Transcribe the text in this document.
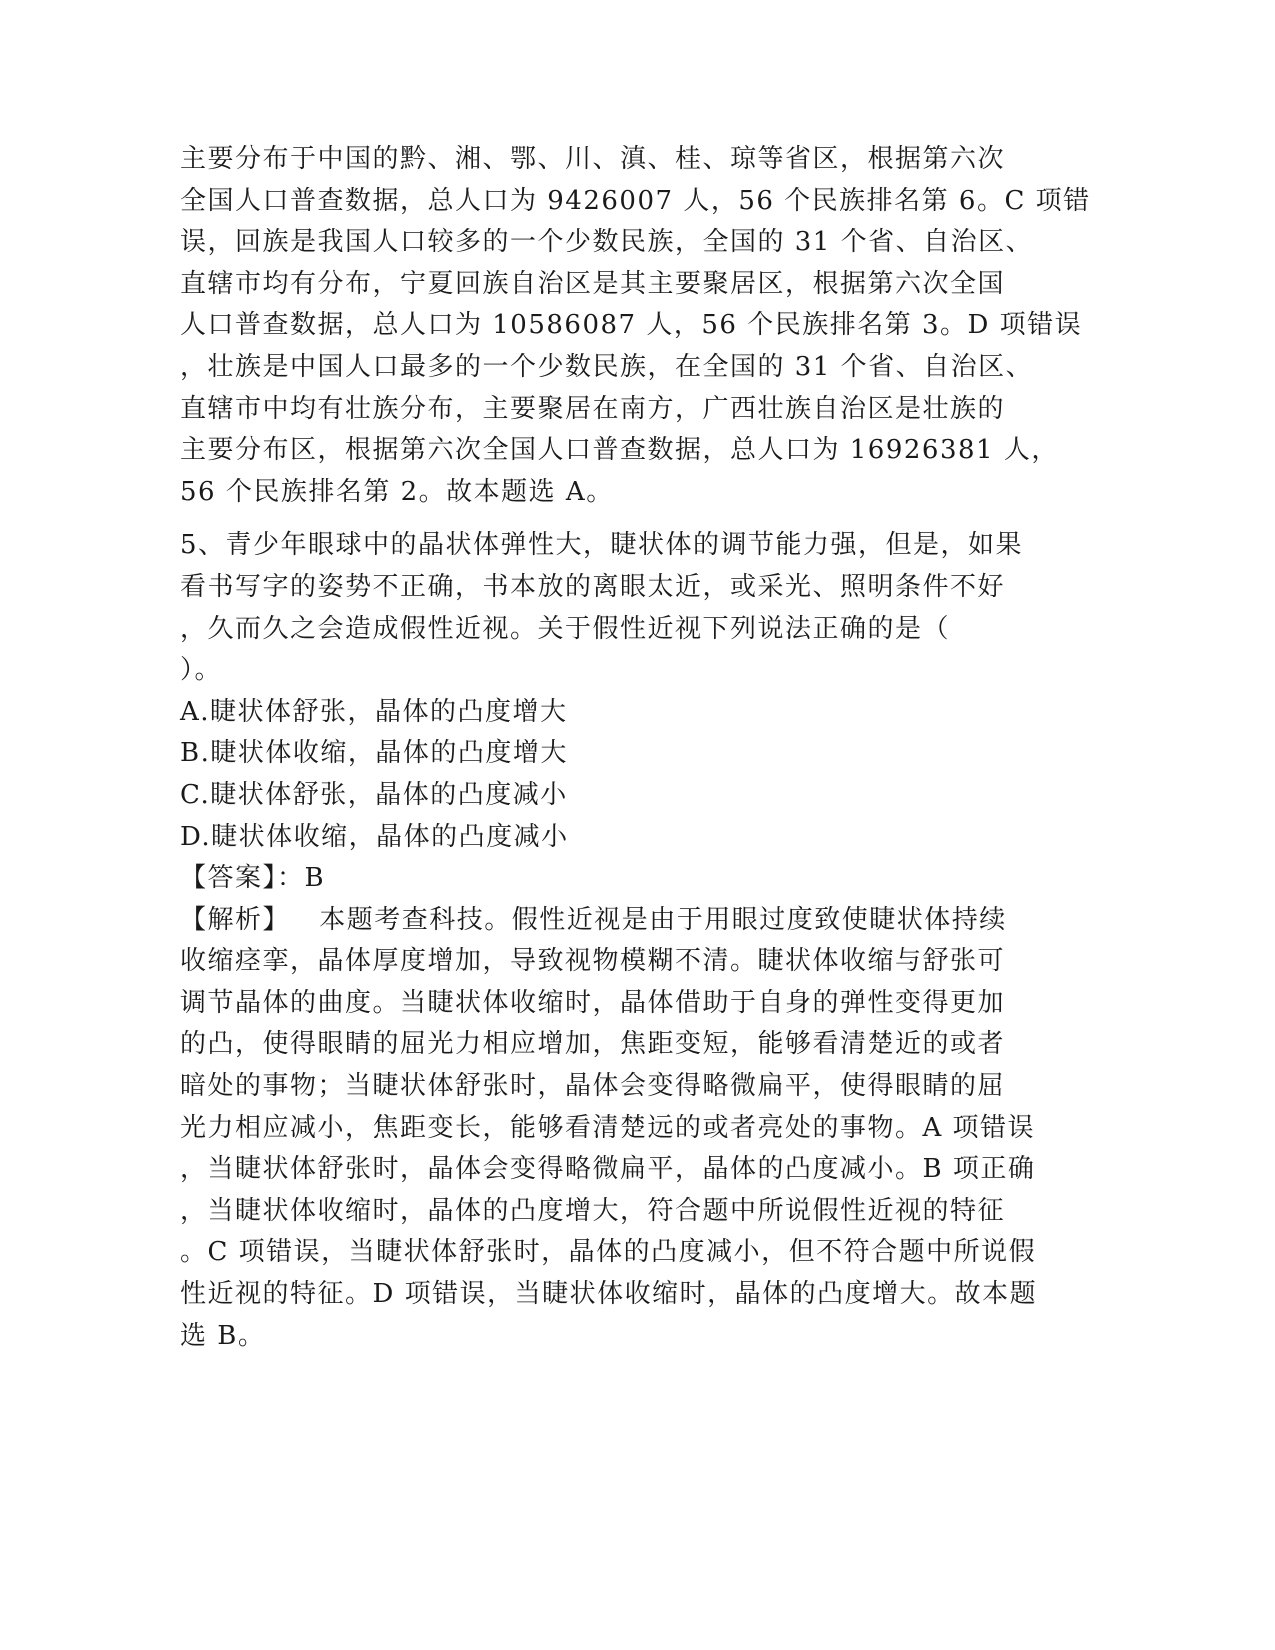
主要分布于中国的黔、湘、鄂、川、滇、桂、琼等省区，根据第六次
全国人口普查数据，总人口为 9426007 人，56 个民族排名第 6。C 项错
误，回族是我国人口较多的一个少数民族，全国的 31 个省、自治区、
直辖市均有分布，宁夏回族自治区是其主要聚居区，根据第六次全国
人口普查数据，总人口为 10586087 人，56 个民族排名第 3。D 项错误
，壮族是中国人口最多的一个少数民族，在全国的 31 个省、自治区、
直辖市中均有壮族分布，主要聚居在南方，广西壮族自治区是壮族的
主要分布区，根据第六次全国人口普查数据，总人口为 16926381 人，
56 个民族排名第 2。故本题选 A。
5、青少年眼球中的晶状体弹性大，睫状体的调节能力强，但是，如果
看书写字的姿势不正确，书本放的离眼太近，或采光、照明条件不好
，久而久之会造成假性近视。关于假性近视下列说法正确的是（
）。
A.睫状体舒张，晶体的凸度增大
B.睫状体收缩，晶体的凸度增大
C.睫状体舒张，晶体的凸度减小
D.睫状体收缩，晶体的凸度减小
【答案】：B
【解析】   本题考查科技。假性近视是由于用眼过度致使睫状体持续
收缩痉挛，晶体厚度增加，导致视物模糊不清。睫状体收缩与舒张可
调节晶体的曲度。当睫状体收缩时，晶体借助于自身的弹性变得更加
的凸，使得眼睛的屈光力相应增加，焦距变短，能够看清楚近的或者
暗处的事物；当睫状体舒张时，晶体会变得略微扁平，使得眼睛的屈
光力相应减小，焦距变长，能够看清楚远的或者亮处的事物。A 项错误
，当睫状体舒张时，晶体会变得略微扁平，晶体的凸度减小。B 项正确
，当睫状体收缩时，晶体的凸度增大，符合题中所说假性近视的特征
。C 项错误，当睫状体舒张时，晶体的凸度减小，但不符合题中所说假
性近视的特征。D 项错误，当睫状体收缩时，晶体的凸度增大。故本题
选 B。
